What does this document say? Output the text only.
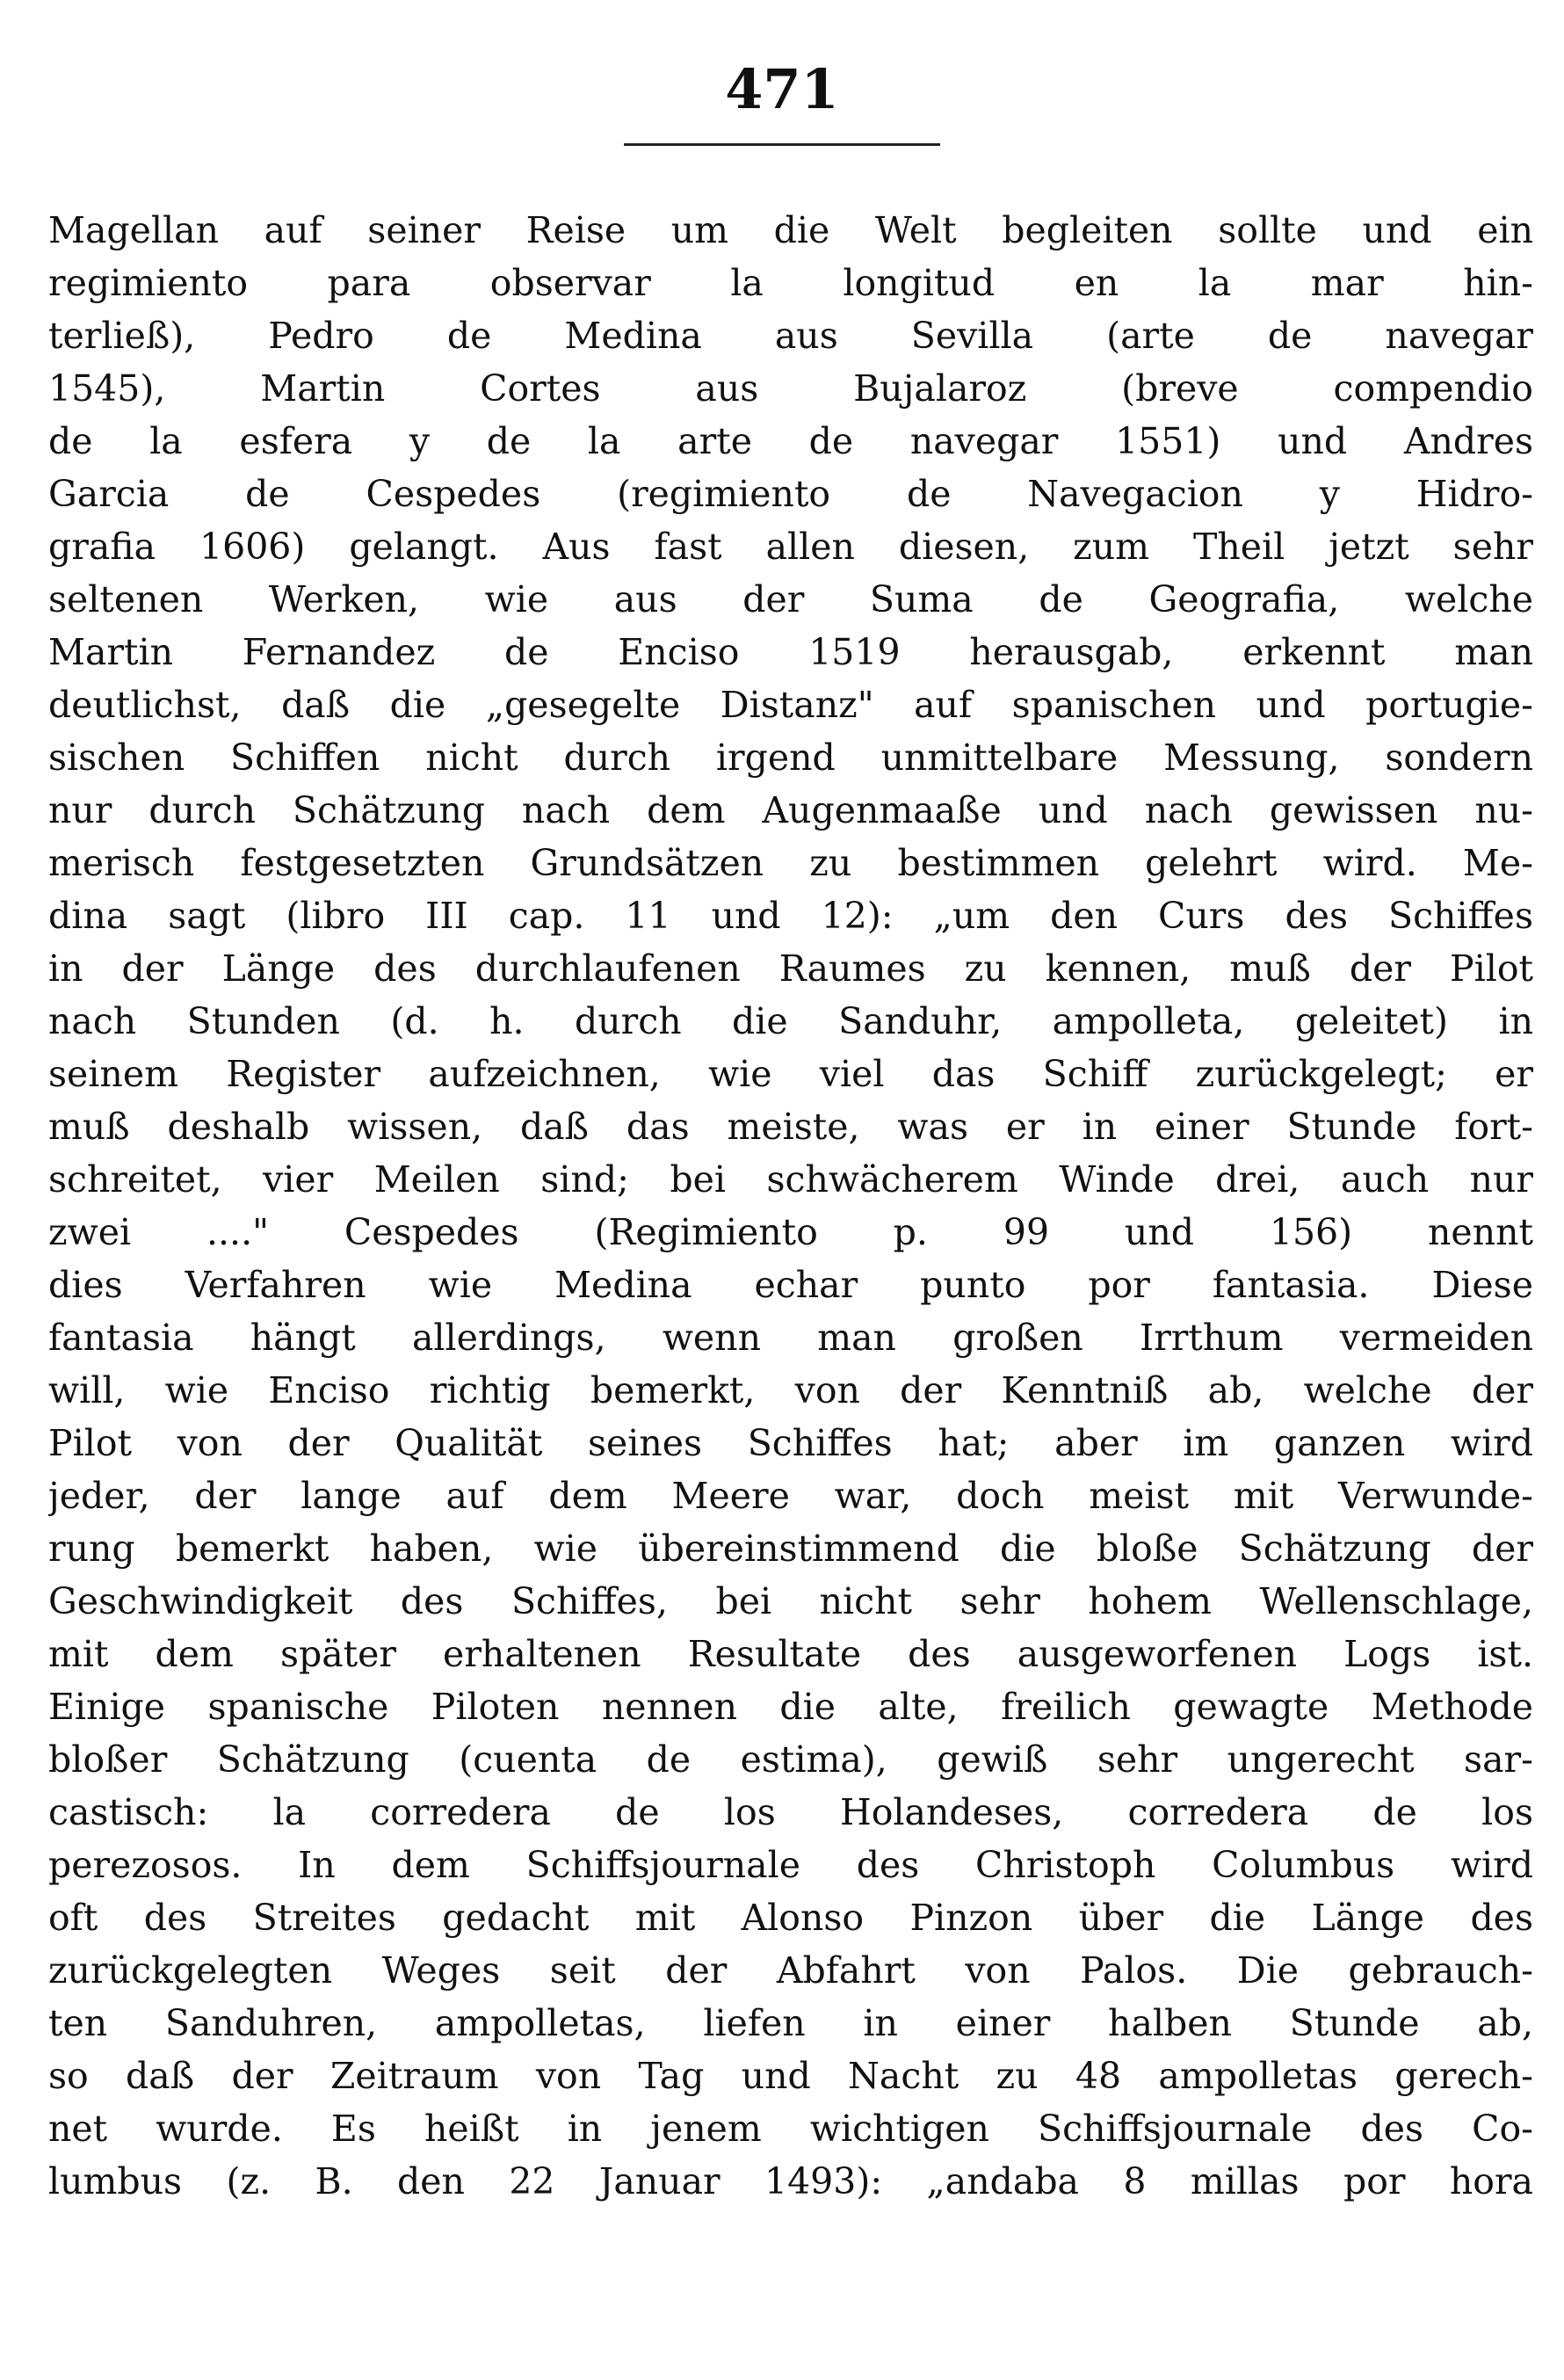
471
Magellan auf seiner Reise um die Welt begleiten sollte und ein
regimiento para observar la longitud en la mar hin-
terließ), Pedro de Medina aus Sevilla (arte de navegar
1545), Martin Cortes aus Bujalaroz (breve compendio
de la esfera y de la arte de navegar 1551) und Andres
Garcia de Cespedes (regimiento de Navegacion y Hidro-
grafia 1606) gelangt. Aus fast allen diesen, zum Theil jetzt sehr
seltenen Werken, wie aus der Suma de Geografia, welche
Martin Fernandez de Enciso 1519 herausgab, erkennt man
deutlichst, daß die „gesegelte Distanz" auf spanischen und portugie-
sischen Schiffen nicht durch irgend unmittelbare Messung, sondern
nur durch Schätzung nach dem Augenmaaße und nach gewissen nu-
merisch festgesetzten Grundsätzen zu bestimmen gelehrt wird. Me-
dina sagt (libro III cap. 11 und 12): „um den Curs des Schiffes
in der Länge des durchlaufenen Raumes zu kennen, muß der Pilot
nach Stunden (d. h. durch die Sanduhr, ampolleta, geleitet) in
seinem Register aufzeichnen, wie viel das Schiff zurückgelegt; er
muß deshalb wissen, daß das meiste, was er in einer Stunde fort-
schreitet, vier Meilen sind; bei schwächerem Winde drei, auch nur
zwei ...." Cespedes (Regimiento p. 99 und 156) nennt
dies Verfahren wie Medina echar punto por fantasia. Diese
fantasia hängt allerdings, wenn man großen Irrthum vermeiden
will, wie Enciso richtig bemerkt, von der Kenntniß ab, welche der
Pilot von der Qualität seines Schiffes hat; aber im ganzen wird
jeder, der lange auf dem Meere war, doch meist mit Verwunde-
rung bemerkt haben, wie übereinstimmend die bloße Schätzung der
Geschwindigkeit des Schiffes, bei nicht sehr hohem Wellenschlage,
mit dem später erhaltenen Resultate des ausgeworfenen Logs ist.
Einige spanische Piloten nennen die alte, freilich gewagte Methode
bloßer Schätzung (cuenta de estima), gewiß sehr ungerecht sar-
castisch: la corredera de los Holandeses, corredera de los
perezosos. In dem Schiffsjournale des Christoph Columbus wird
oft des Streites gedacht mit Alonso Pinzon über die Länge des
zurückgelegten Weges seit der Abfahrt von Palos. Die gebrauch-
ten Sanduhren, ampolletas, liefen in einer halben Stunde ab,
so daß der Zeitraum von Tag und Nacht zu 48 ampolletas gerech-
net wurde. Es heißt in jenem wichtigen Schiffsjournale des Co-
lumbus (z. B. den 22 Januar 1493): „andaba 8 millas por hora
